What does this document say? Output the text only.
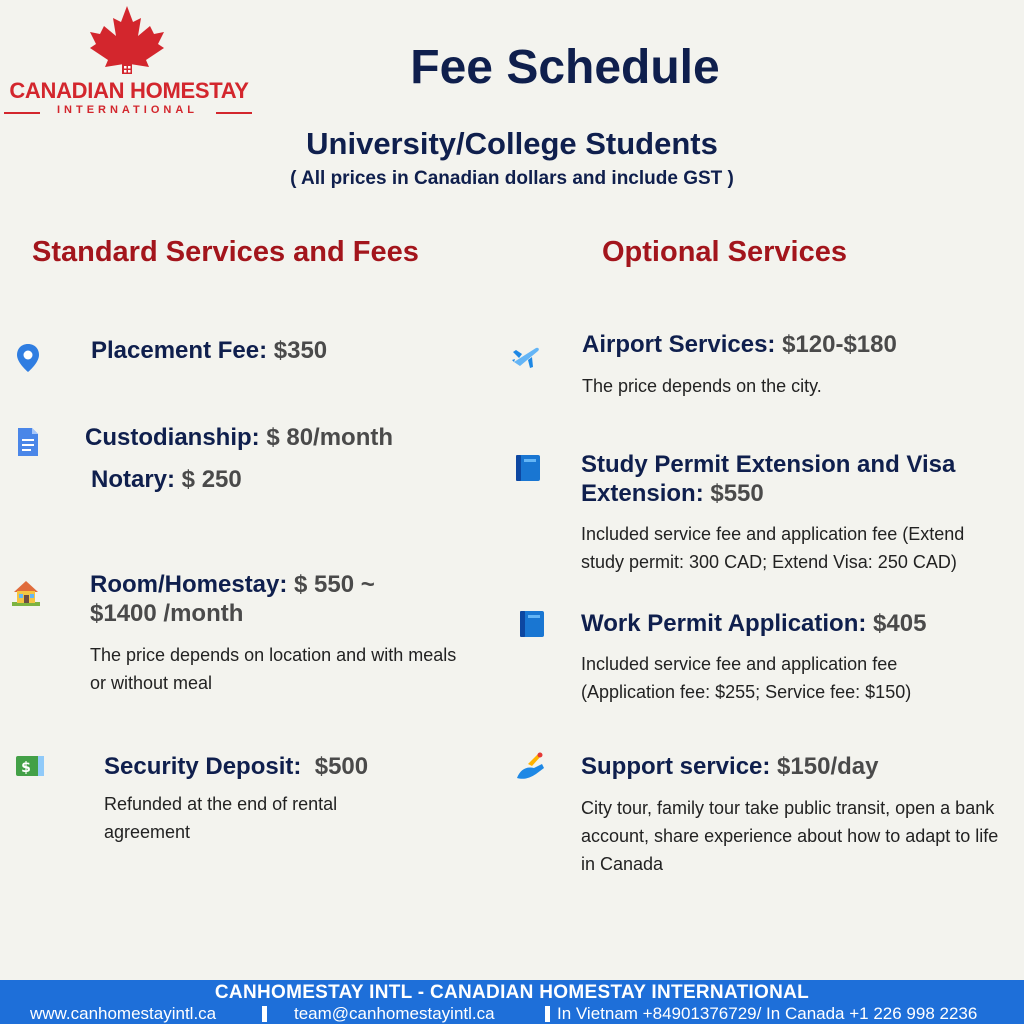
CANADIAN HOMESTAY
INTERNATIONAL
Fee Schedule
University/College Students
( All prices in Canadian dollars and include GST )
Standard Services and Fees	Optional Services
Placement Fee: $350
Custodianship: $ 80/month
Notary: $ 250
Room/Homestay: $ 550 ~ $1400 /month
The price depends on location and with meals or without meal
$	Security Deposit:  $500
Refunded at the end of rental agreement
Airport Services: $120-$180
The price depends on the city.
Study Permit Extension and Visa Extension: $550
Included service fee and application fee (Extend study permit: 300 CAD; Extend Visa: 250 CAD)
Work Permit Application: $405
Included service fee and application fee (Application fee: $255; Service fee: $150)
Support service: $150/day
City tour, family tour take public transit, open a bank account, share experience about how to adapt to life in Canada
CANHOMESTAY INTL - CANADIAN HOMESTAY INTERNATIONAL
www.canhomestayintl.ca	team@canhomestayintl.ca	In Vietnam +84901376729/ In Canada +1 226 998 2236
